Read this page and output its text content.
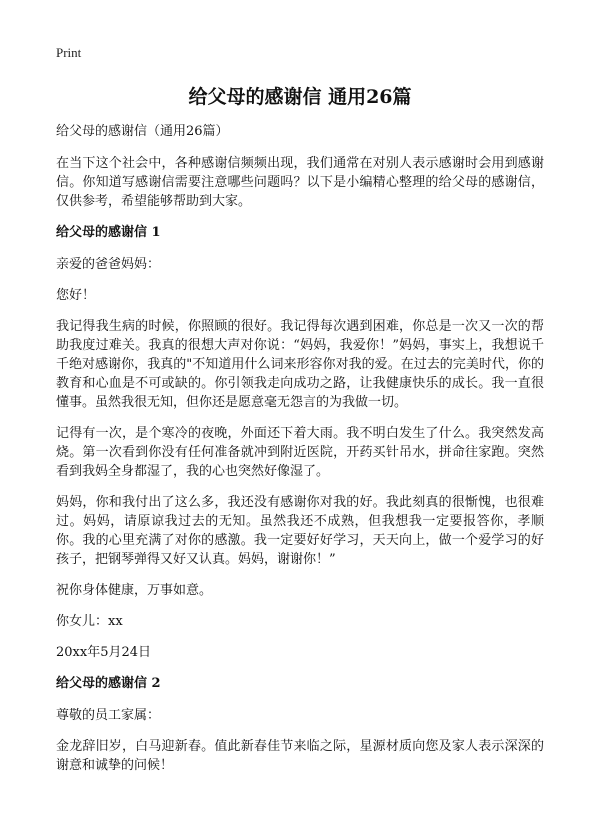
Print
给父母的感谢信 通用26篇
给父母的感谢信（通用26篇）

在当下这个社会中，各种感谢信频频出现，我们通常在对别人表示感谢时会用到感谢信。你知道写感谢信需要注意哪些问题吗？以下是小编精心整理的给父母的感谢信，仅供参考，希望能够帮助到大家。

给父母的感谢信 1

亲爱的爸爸妈妈：

您好！

我记得我生病的时候，你照顾的很好。我记得每次遇到困难，你总是一次又一次的帮助我度过难关。我真的很想大声对你说：“妈妈，我爱你！”妈妈，事实上，我想说千千绝对感谢你，我真的"不知道用什么词来形容你对我的爱。在过去的完美时代，你的教育和心血是不可或缺的。你引领我走向成功之路，让我健康快乐的成长。我一直很懂事。虽然我很无知，但你还是愿意毫无怨言的为我做一切。

记得有一次，是个寒冷的夜晚，外面还下着大雨。我不明白发生了什么。我突然发高烧。第一次看到你没有任何准备就冲到附近医院，开药买针吊水，拼命往家跑。突然看到我妈全身都湿了，我的心也突然好像湿了。

妈妈，你和我付出了这么多，我还没有感谢你对我的好。我此刻真的很惭愧，也很难过。妈妈，请原谅我过去的无知。虽然我还不成熟，但我想我一定要报答你，孝顺你。我的心里充满了对你的感激。我一定要好好学习，天天向上，做一个爱学习的好孩子，把钢琴弹得又好又认真。妈妈，谢谢你！”

祝你身体健康，万事如意。

你女儿：xx

20xx年5月24日

给父母的感谢信 2

尊敬的员工家属：

金龙辞旧岁，白马迎新春。值此新春佳节来临之际，星源材质向您及家人表示深深的谢意和诚挚的问候！
